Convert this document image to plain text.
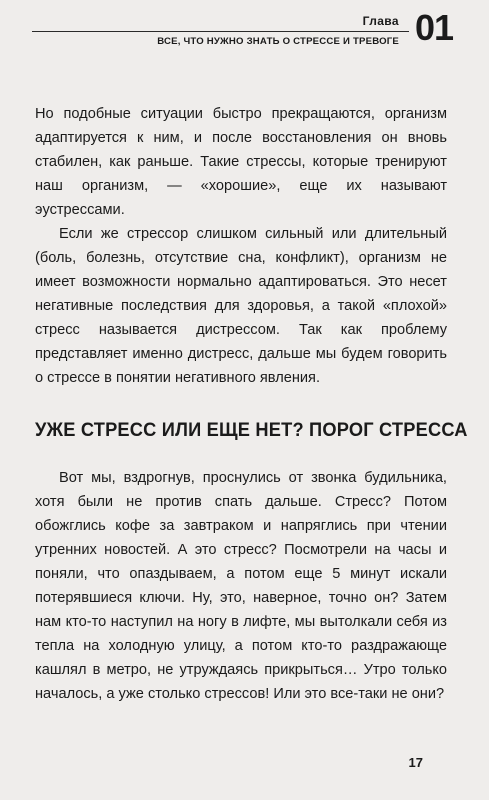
Глава
ВСЕ, ЧТО НУЖНО ЗНАТЬ О СТРЕССЕ И ТРЕВОГЕ 01

Но подобные ситуации быстро прекращаются, организм адаптируется к ним, и после восстановления он вновь стабилен, как раньше. Такие стрессы, которые тренируют наш организм, — «хорошие», еще их называют эустрессами.

Если же стрессор слишком сильный или длительный (боль, болезнь, отсутствие сна, конфликт), организм не имеет возможности нормально адаптироваться. Это несет негативные последствия для здоровья, а такой «плохой» стресс называется дистрессом. Так как проблему представляет именно дистресс, дальше мы будем говорить о стрессе в понятии негативного явления.

УЖЕ СТРЕСС ИЛИ ЕЩЕ НЕТ? ПОРОГ СТРЕССА

Вот мы, вздрогнув, проснулись от звонка будильника, хотя были не против спать дальше. Стресс? Потом обожглись кофе за завтраком и напряглись при чтении утренних новостей. А это стресс? Посмотрели на часы и поняли, что опаздываем, а потом еще 5 минут искали потерявшиеся ключи. Ну, это, наверное, точно он? Затем нам кто-то наступил на ногу в лифте, мы вытолкали себя из тепла на холодную улицу, а потом кто-то раздражающе кашлял в метро, не утруждаясь прикрыться… Утро только началось, а уже столько стрессов! Или это все-таки не они?

17
